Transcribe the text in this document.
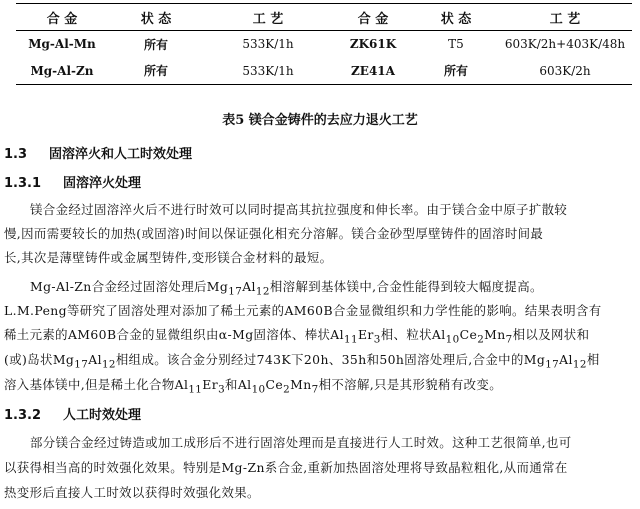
合 金	状 态	工 艺	合 金	状 态	工 艺
Mg-Al-Mn	所有	533K/1h	ZK61K	T5	603K/2h+403K/48h
Mg-Al-Zn	所有	533K/1h	ZE41A	所有	603K/2h
表5 镁合金铸件的去应力退火工艺
1.3 固溶淬火和人工时效处理
1.3.1 固溶淬火处理
镁合金经过固溶淬火后不进行时效可以同时提高其抗拉强度和伸长率。由于镁合金中原子扩散较
慢,因而需要较长的加热(或固溶)时间以保证强化相充分溶解。镁合金砂型厚壁铸件的固溶时间最
长,其次是薄壁铸件或金属型铸件,变形镁合金材料的最短。
Mg-Al-Zn合金经过固溶处理后$Mg_{17}Al_{12}$相溶解到基体镁中,合金性能得到较大幅度提高。
L.M.Peng等研究了固溶处理对添加了稀土元素的AM60B合金显微组织和力学性能的影响。结果表明含有
稀土元素的AM60B合金的显微组织由α-Mg固溶体、棒状$Al_{11}Er_3$相、粒状$Al_{10}Ce_2Mn_7$相以及网状和
(或)岛状$Mg_{17}Al_{12}$相组成。该合金分别经过743K下20h、35h和50h固溶处理后,合金中的$Mg_{17}Al_{12}$相
溶入基体镁中,但是稀土化合物$Al_{11}Er_3$和$Al_{10}Ce_2Mn_7$相不溶解,只是其形貌稍有改变。
1.3.2 人工时效处理
部分镁合金经过铸造或加工成形后不进行固溶处理而是直接进行人工时效。这种工艺很简单,也可
以获得相当高的时效强化效果。特别是Mg-Zn系合金,重新加热固溶处理将导致晶粒粗化,从而通常在
热变形后直接人工时效以获得时效强化效果。
